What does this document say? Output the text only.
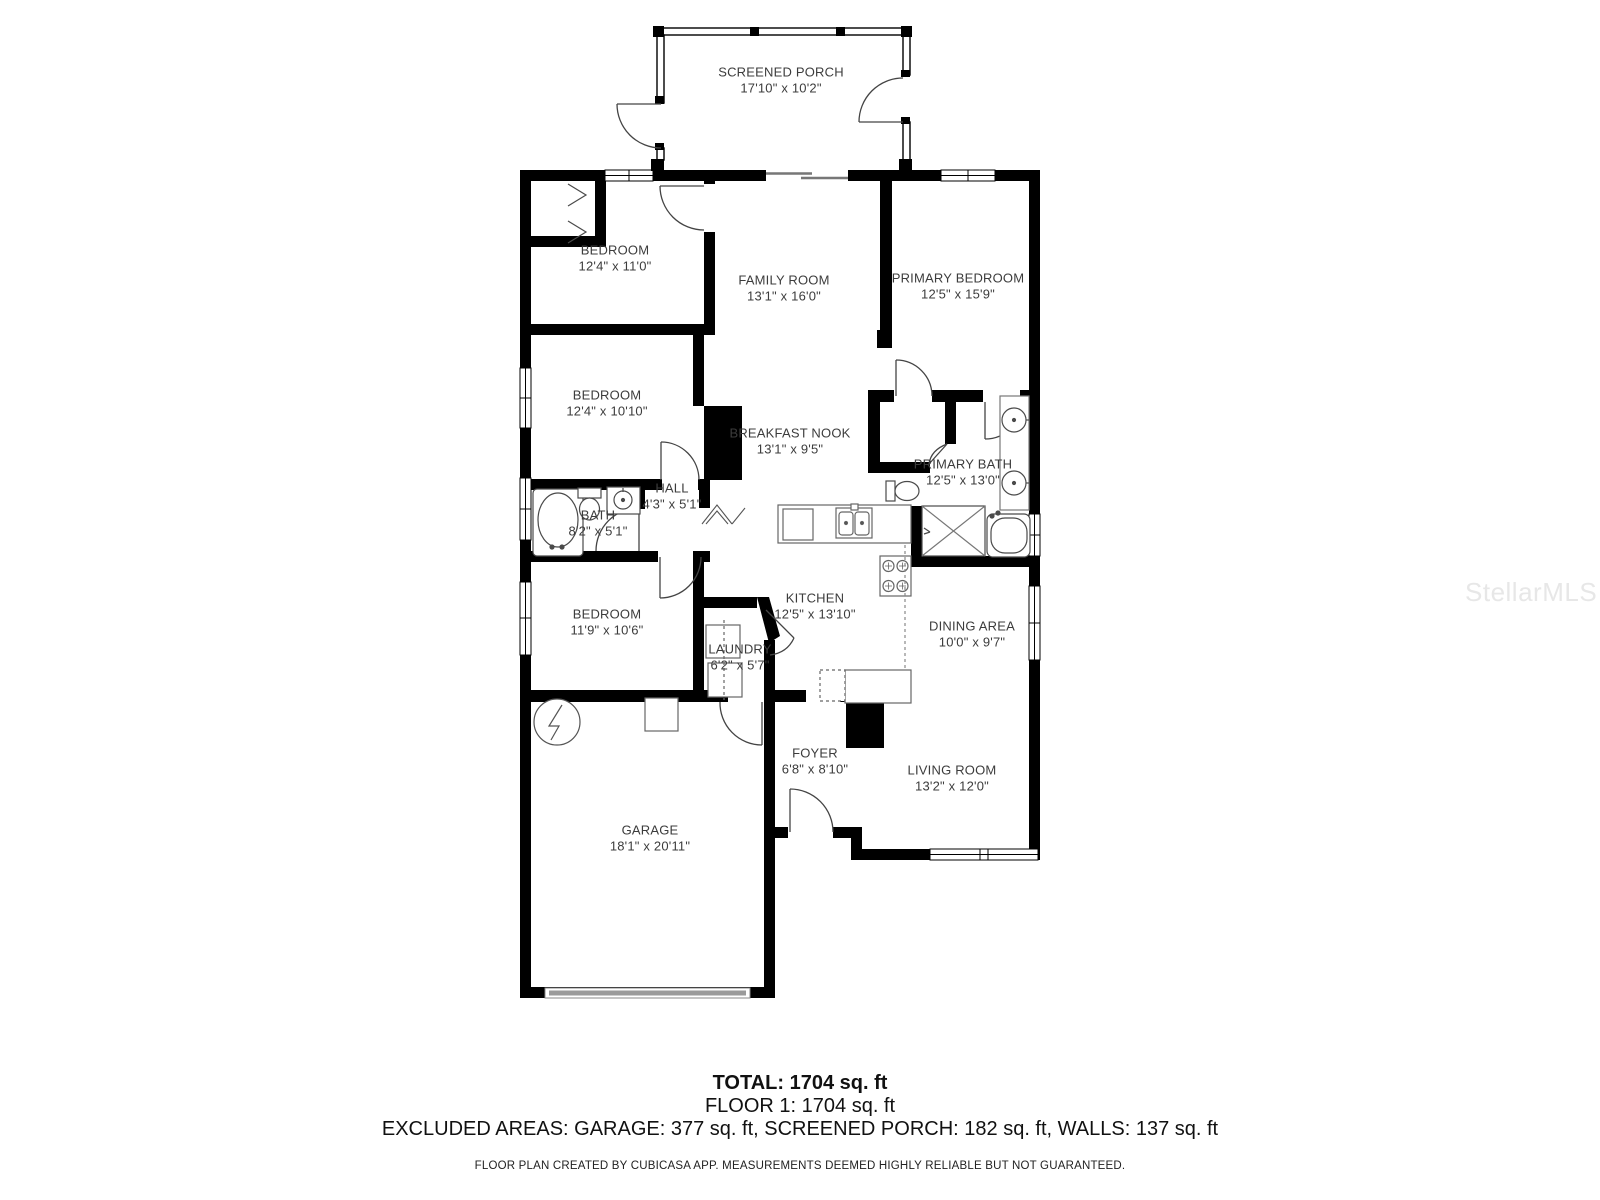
SCREENED PORCH
17'10" x 10'2"
BEDROOM
12'4" x 11'0"
FAMILY ROOM
13'1" x 16'0"
PRIMARY BEDROOM
12'5" x 15'9"
BEDROOM
12'4" x 10'10"
BREAKFAST NOOK
13'1" x 9'5"
PRIMARY BATH
12'5" x 13'0"
HALL
4'3" x 5'1"
BATH
8'2" x 5'1"
BEDROOM
11'9" x 10'6"
KITCHEN
12'5" x 13'10"
LAUNDRY
6'2" x 5'7"
DINING AREA
10'0" x 9'7"
GARAGE
18'1" x 20'11"
FOYER
6'8" x 8'10"	LIVING ROOM
13'2" x 12'0"
TOTAL: 1704 sq. ft
FLOOR 1: 1704 sq. ft
EXCLUDED AREAS: GARAGE: 377 sq. ft, SCREENED PORCH: 182 sq. ft, WALLS: 137 sq. ft
FLOOR PLAN CREATED BY CUBICASA APP. MEASUREMENTS DEEMED HIGHLY RELIABLE BUT NOT GUARANTEED.
StellarMLS
